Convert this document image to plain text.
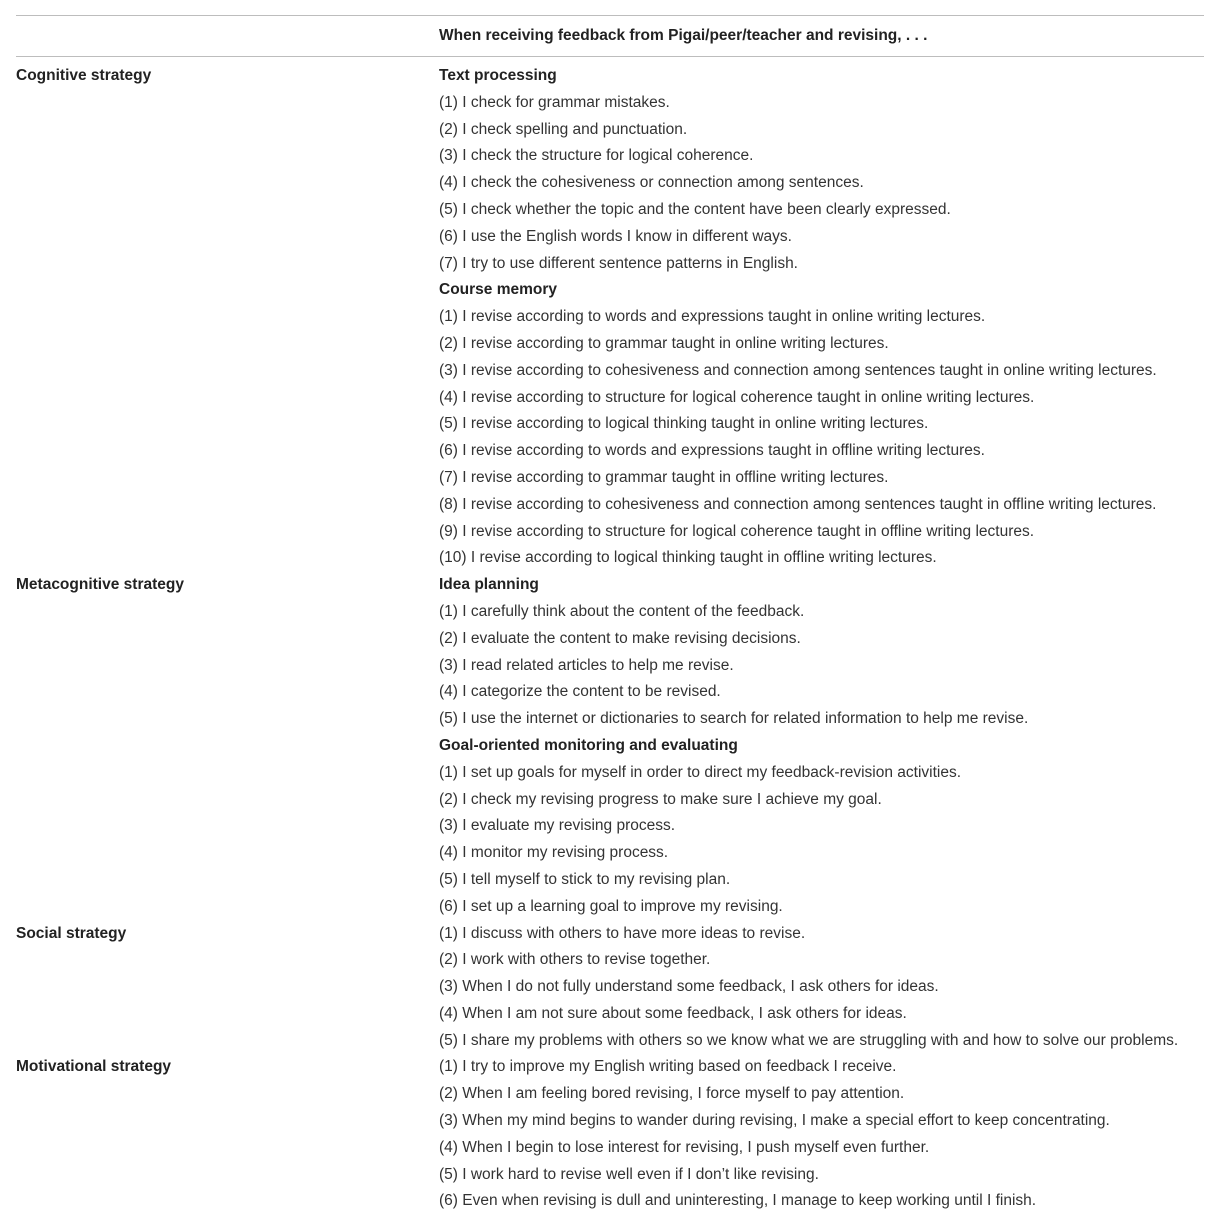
When receiving feedback from Pigai/peer/teacher and revising, . . .
Cognitive strategy	Text processing
(1) I check for grammar mistakes.
(2) I check spelling and punctuation.
(3) I check the structure for logical coherence.
(4) I check the cohesiveness or connection among sentences.
(5) I check whether the topic and the content have been clearly expressed.
(6) I use the English words I know in different ways.
(7) I try to use different sentence patterns in English.
Course memory
(1) I revise according to words and expressions taught in online writing lectures.
(2) I revise according to grammar taught in online writing lectures.
(3) I revise according to cohesiveness and connection among sentences taught in online writing lectures.
(4) I revise according to structure for logical coherence taught in online writing lectures.
(5) I revise according to logical thinking taught in online writing lectures.
(6) I revise according to words and expressions taught in offline writing lectures.
(7) I revise according to grammar taught in offline writing lectures.
(8) I revise according to cohesiveness and connection among sentences taught in offline writing lectures.
(9) I revise according to structure for logical coherence taught in offline writing lectures.
(10) I revise according to logical thinking taught in offline writing lectures.
Metacognitive strategy	Idea planning
(1) I carefully think about the content of the feedback.
(2) I evaluate the content to make revising decisions.
(3) I read related articles to help me revise.
(4) I categorize the content to be revised.
(5) I use the internet or dictionaries to search for related information to help me revise.
Goal-oriented monitoring and evaluating
(1) I set up goals for myself in order to direct my feedback-revision activities.
(2) I check my revising progress to make sure I achieve my goal.
(3) I evaluate my revising process.
(4) I monitor my revising process.
(5) I tell myself to stick to my revising plan.
(6) I set up a learning goal to improve my revising.
Social strategy	(1) I discuss with others to have more ideas to revise.
(2) I work with others to revise together.
(3) When I do not fully understand some feedback, I ask others for ideas.
(4) When I am not sure about some feedback, I ask others for ideas.
(5) I share my problems with others so we know what we are struggling with and how to solve our problems.
Motivational strategy	(1) I try to improve my English writing based on feedback I receive.
(2) When I am feeling bored revising, I force myself to pay attention.
(3) When my mind begins to wander during revising, I make a special effort to keep concentrating.
(4) When I begin to lose interest for revising, I push myself even further.
(5) I work hard to revise well even if I don’t like revising.
(6) Even when revising is dull and uninteresting, I manage to keep working until I finish.
